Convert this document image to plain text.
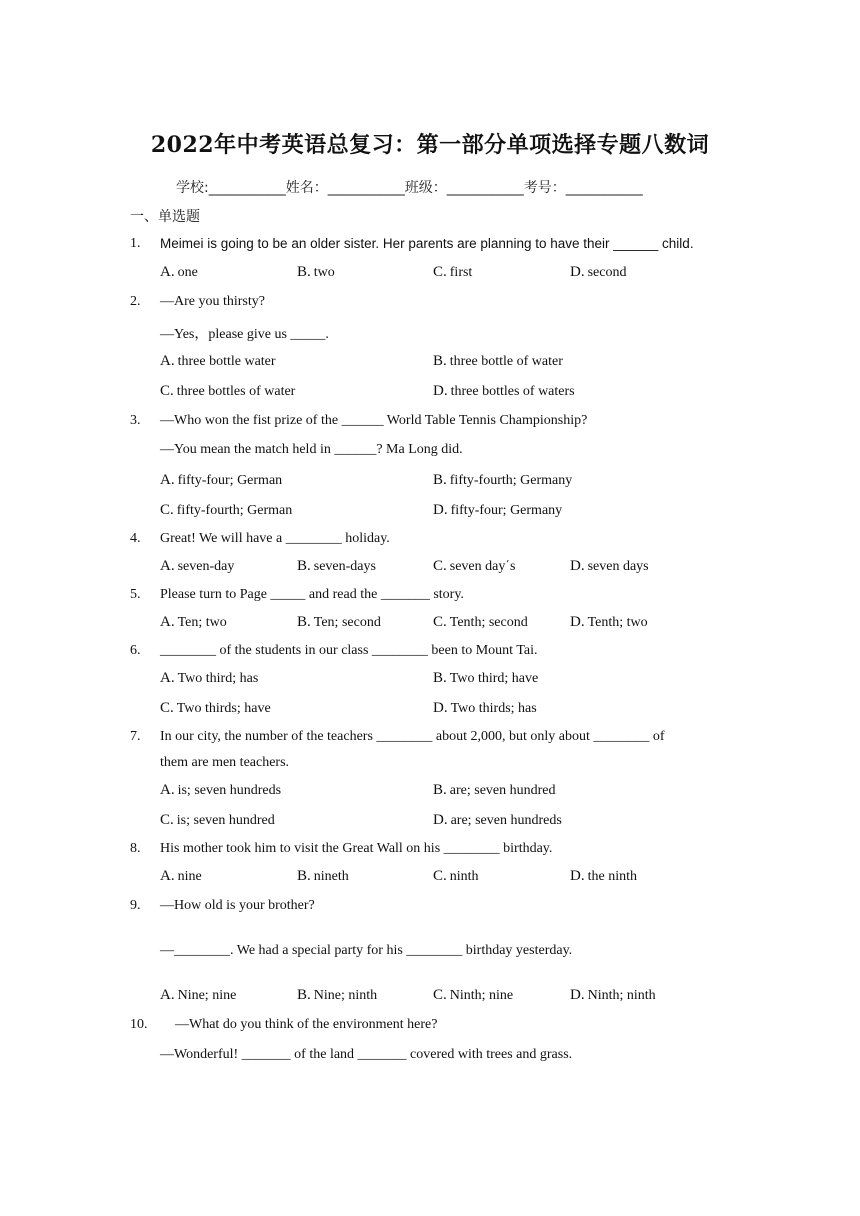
2022年中考英语总复习：第一部分单项选择专题八数词
学校:___________姓名：___________班级：___________考号：___________
一、单选题
1. Meimei is going to be an older sister. Her parents are planning to have their ______ child.
A. one	B. two	C. first	D. second
2. —Are you thirsty?
—Yes，please give us _____.
A. three bottle water	B. three bottle of water
C. three bottles of water	D. three bottles of waters
3. —Who won the fist prize of the ______ World Table Tennis Championship?
—You mean the match held in ______? Ma Long did.
A. fifty-four; German	B. fifty-fourth; Germany
C. fifty-fourth; German	D. fifty-four; Germany
4. Great! We will have a ________ holiday.
A. seven-day	B. seven-days	C. seven day΄s	D. seven days
5. Please turn to Page _____ and read the _______ story.
A. Ten; two	B. Ten; second	C. Tenth; second	D. Tenth; two
6. ________ of the students in our class ________ been to Mount Tai.
A. Two third; has	B. Two third; have
C. Two thirds; have	D. Two thirds; has
7. In our city, the number of the teachers ________ about 2,000, but only about ________ of
them are men teachers.
A. is; seven hundreds	B. are; seven hundred
C. is; seven hundred	D. are; seven hundreds
8. His mother took him to visit the Great Wall on his ________ birthday.
A. nine	B. nineth	C. ninth	D. the ninth
9. —How old is your brother?
—________. We had a special party for his ________ birthday yesterday.
A. Nine; nine	B. Nine; ninth	C. Ninth; nine	D. Ninth; ninth
10. —What do you think of the environment here?
—Wonderful! _______ of the land _______ covered with trees and grass.
